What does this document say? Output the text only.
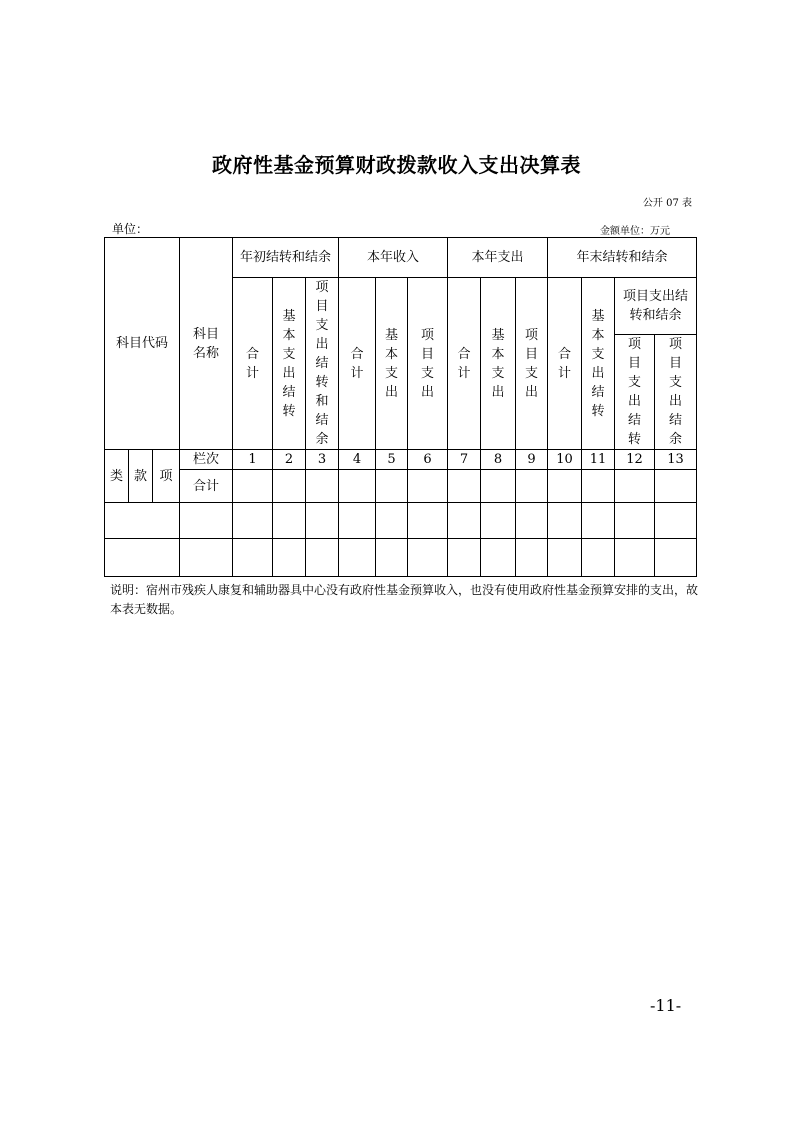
政府性基金预算财政拨款收入支出决算表
公开 07 表
单位：	金额单位：万元
科目代码			科目名称	年初结转和结余			本年收入			本年支出			年末结转和结余			

				合计	基本支出结转	项目支出结转和结余	合计	基本支出	项目支出	合计	基本支出	项目支出	合计	基本支出结转	项目支出结转和结余	

															项目支出结转	项目支出结余

类	款	项	栏次	1	2	3	4	5	6	7	8	9	10	11	12	13
			合计													

说明：宿州市残疾人康复和辅助器具中心没有政府性基金预算收入，也没有使用政府性基金预算安排的支出，故本表无数据。
-11-
